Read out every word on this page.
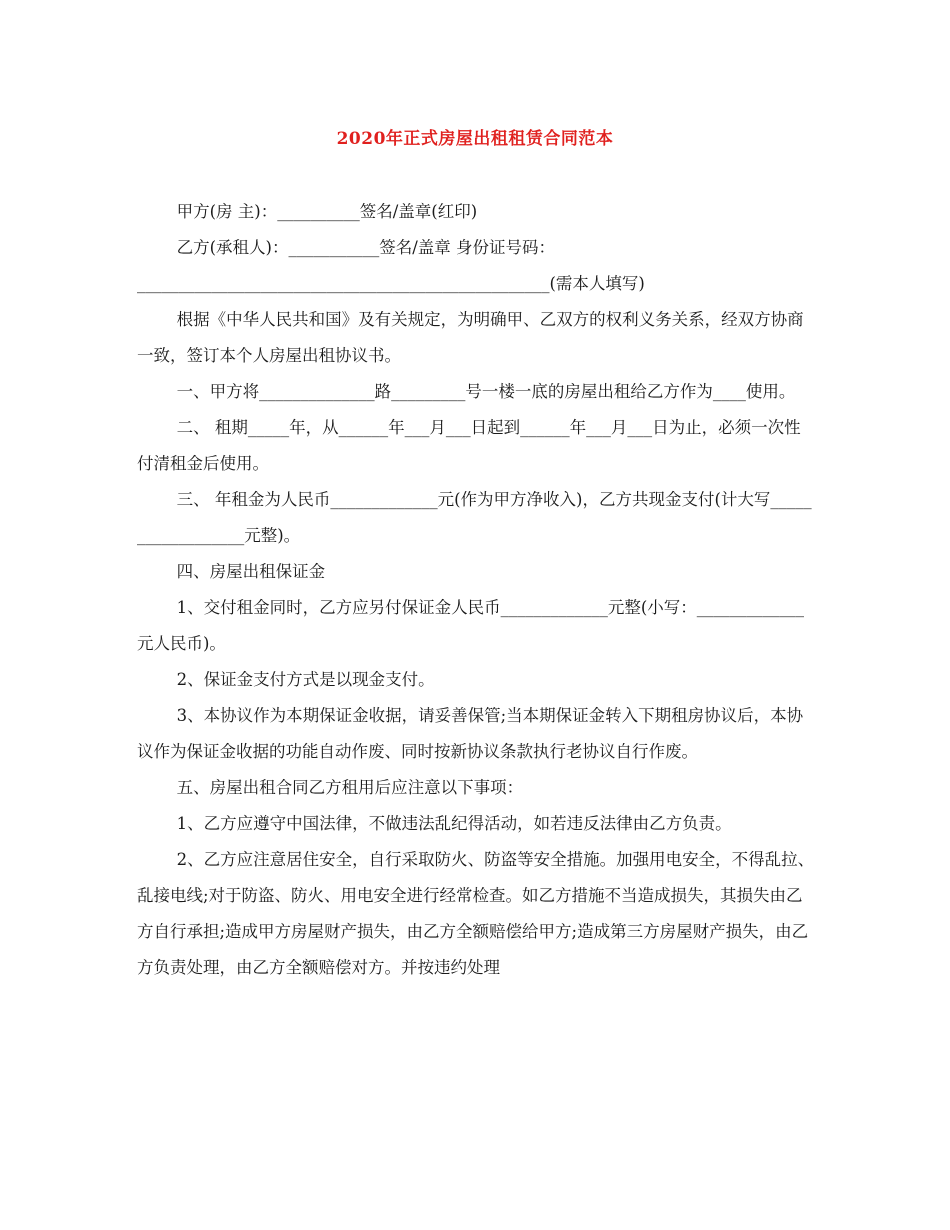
2020年正式房屋出租租赁合同范本

甲方(房 主)：__________签名/盖章(红印)

乙方(承租人)：___________签名/盖章 身份证号码：

__________________________________________________(需本人填写)

根据《中华人民共和国》及有关规定，为明确甲、乙双方的权利义务关系，经双方协商一致，签订本个人房屋出租协议书。

一、甲方将______________路_________号一楼一底的房屋出租给乙方作为____使用。

二、 租期_____年，从______年___月___日起到______年___月___日为止，必须一次性付清租金后使用。

三、 年租金为人民币_____________元(作为甲方净收入)，乙方共现金支付(计大写__________________元整)。

四、房屋出租保证金

1、交付租金同时，乙方应另付保证金人民币_____________元整(小写：_____________元人民币)。

2、保证金支付方式是以现金支付。

3、本协议作为本期保证金收据，请妥善保管;当本期保证金转入下期租房协议后，本协议作为保证金收据的功能自动作废、同时按新协议条款执行老协议自行作废。

五、房屋出租合同乙方租用后应注意以下事项：

1、乙方应遵守中国法律，不做违法乱纪得活动，如若违反法律由乙方负责。

2、乙方应注意居住安全，自行采取防火、防盗等安全措施。加强用电安全，不得乱拉、乱接电线;对于防盗、防火、用电安全进行经常检查。如乙方措施不当造成损失，其损失由乙方自行承担;造成甲方房屋财产损失，由乙方全额赔偿给甲方;造成第三方房屋财产损失，由乙方负责处理，由乙方全额赔偿对方。并按违约处理
